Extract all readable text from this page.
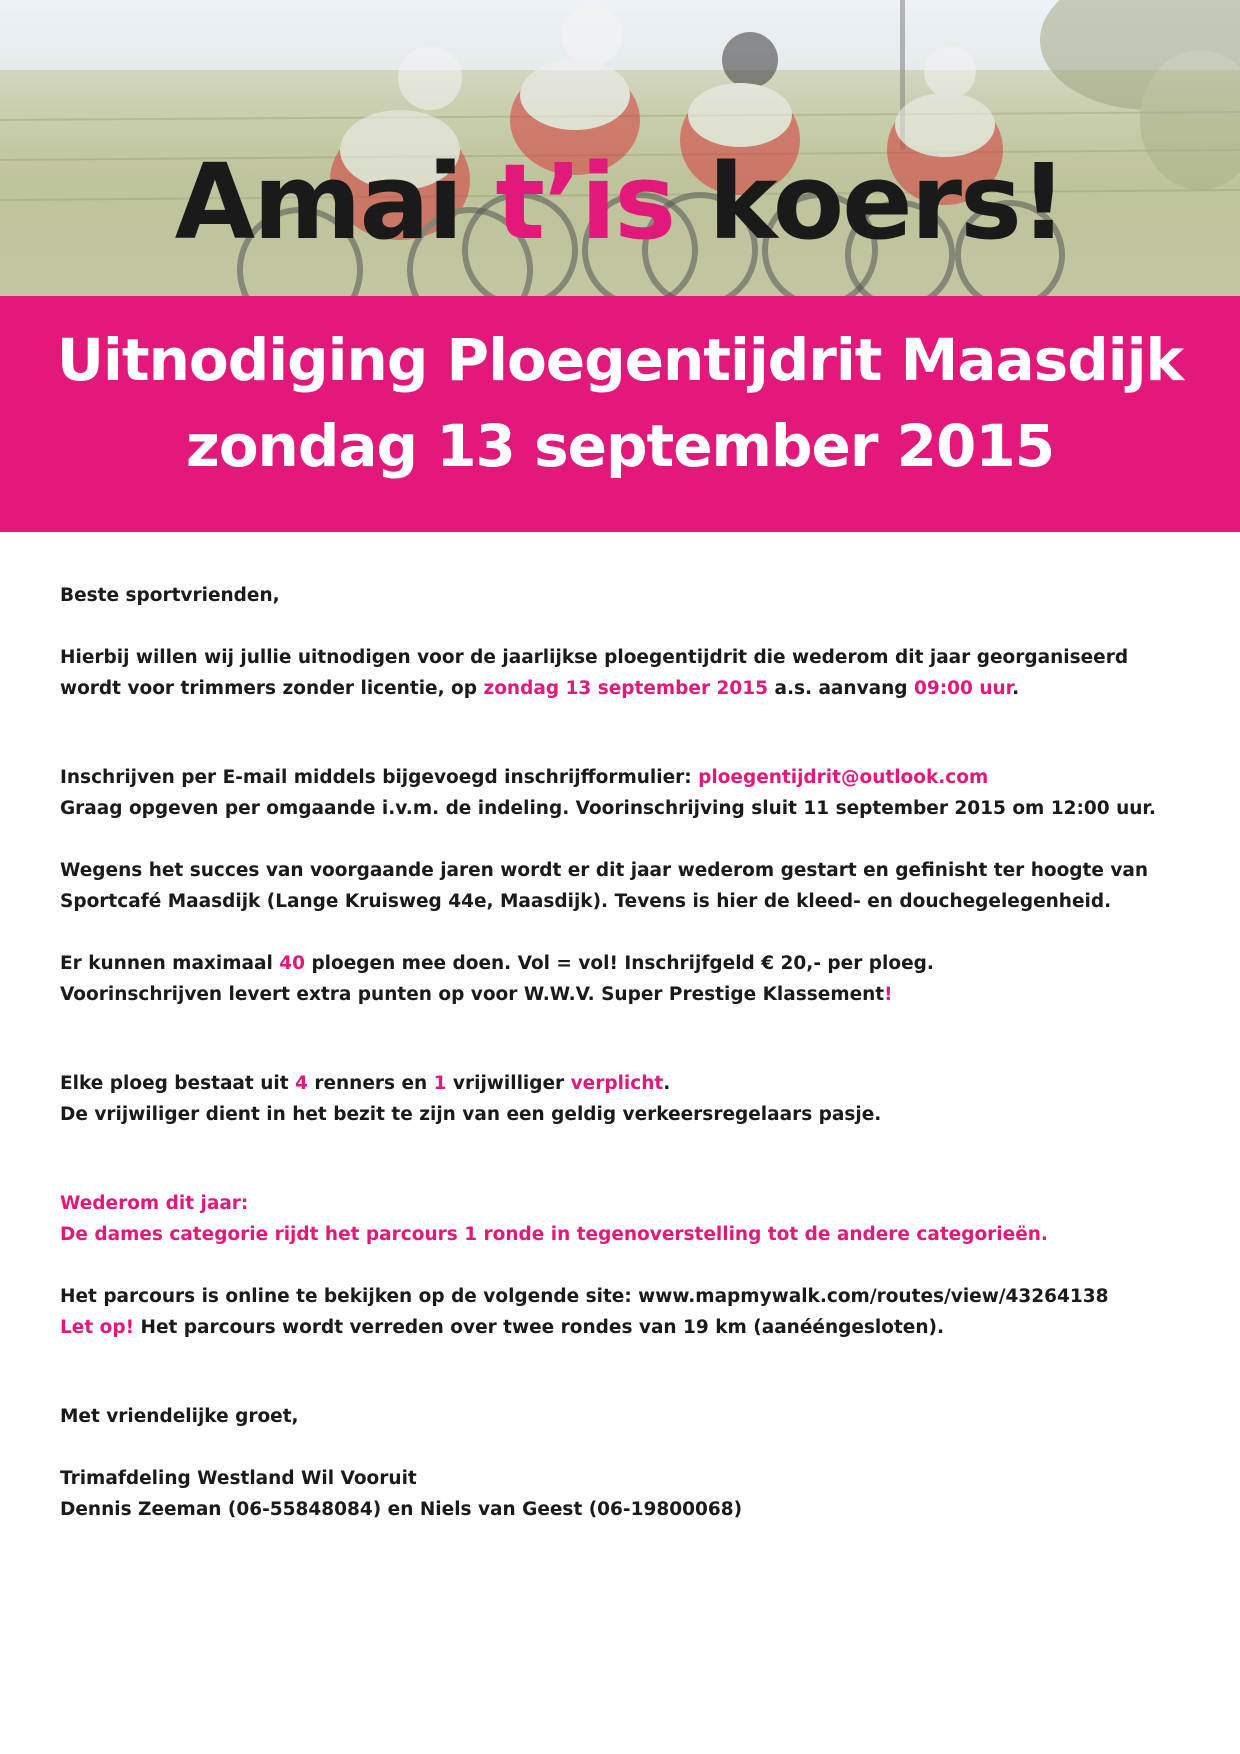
Amai t’is koers!
Uitnodiging Ploegentijdrit Maasdijk
zondag 13 september 2015

Beste sportvrienden,

Hierbij willen wij jullie uitnodigen voor de jaarlijkse ploegentijdrit die wederom dit jaar georganiseerd

wordt voor trimmers zonder licentie, op zondag 13 september 2015 a.s. aanvang 09:00 uur.

Inschrijven per E-mail middels bijgevoegd inschrijfformulier: ploegentijdrit@outlook.com

Graag opgeven per omgaande i.v.m. de indeling. Voorinschrijving sluit 11 september 2015 om 12:00 uur.

Wegens het succes van voorgaande jaren wordt er dit jaar wederom gestart en gefinisht ter hoogte van

Sportcafé Maasdijk (Lange Kruisweg 44e, Maasdijk). Tevens is hier de kleed- en douchegelegenheid.

Er kunnen maximaal 40 ploegen mee doen. Vol = vol! Inschrijfgeld € 20,- per ploeg.

Voorinschrijven levert extra punten op voor W.W.V. Super Prestige Klassement!

Elke ploeg bestaat uit 4 renners en 1 vrijwilliger verplicht.

De vrijwiliger dient in het bezit te zijn van een geldig verkeersregelaars pasje.

Wederom dit jaar:

De dames categorie rijdt het parcours 1 ronde in tegenoverstelling tot de andere categorieën.

Het parcours is online te bekijken op de volgende site: www.mapmywalk.com/routes/view/43264138

Let op! Het parcours wordt verreden over twee rondes van 19 km (aanééngesloten).

Met vriendelijke groet,

Trimafdeling Westland Wil Vooruit

Dennis Zeeman (06-55848084) en Niels van Geest (06-19800068)
